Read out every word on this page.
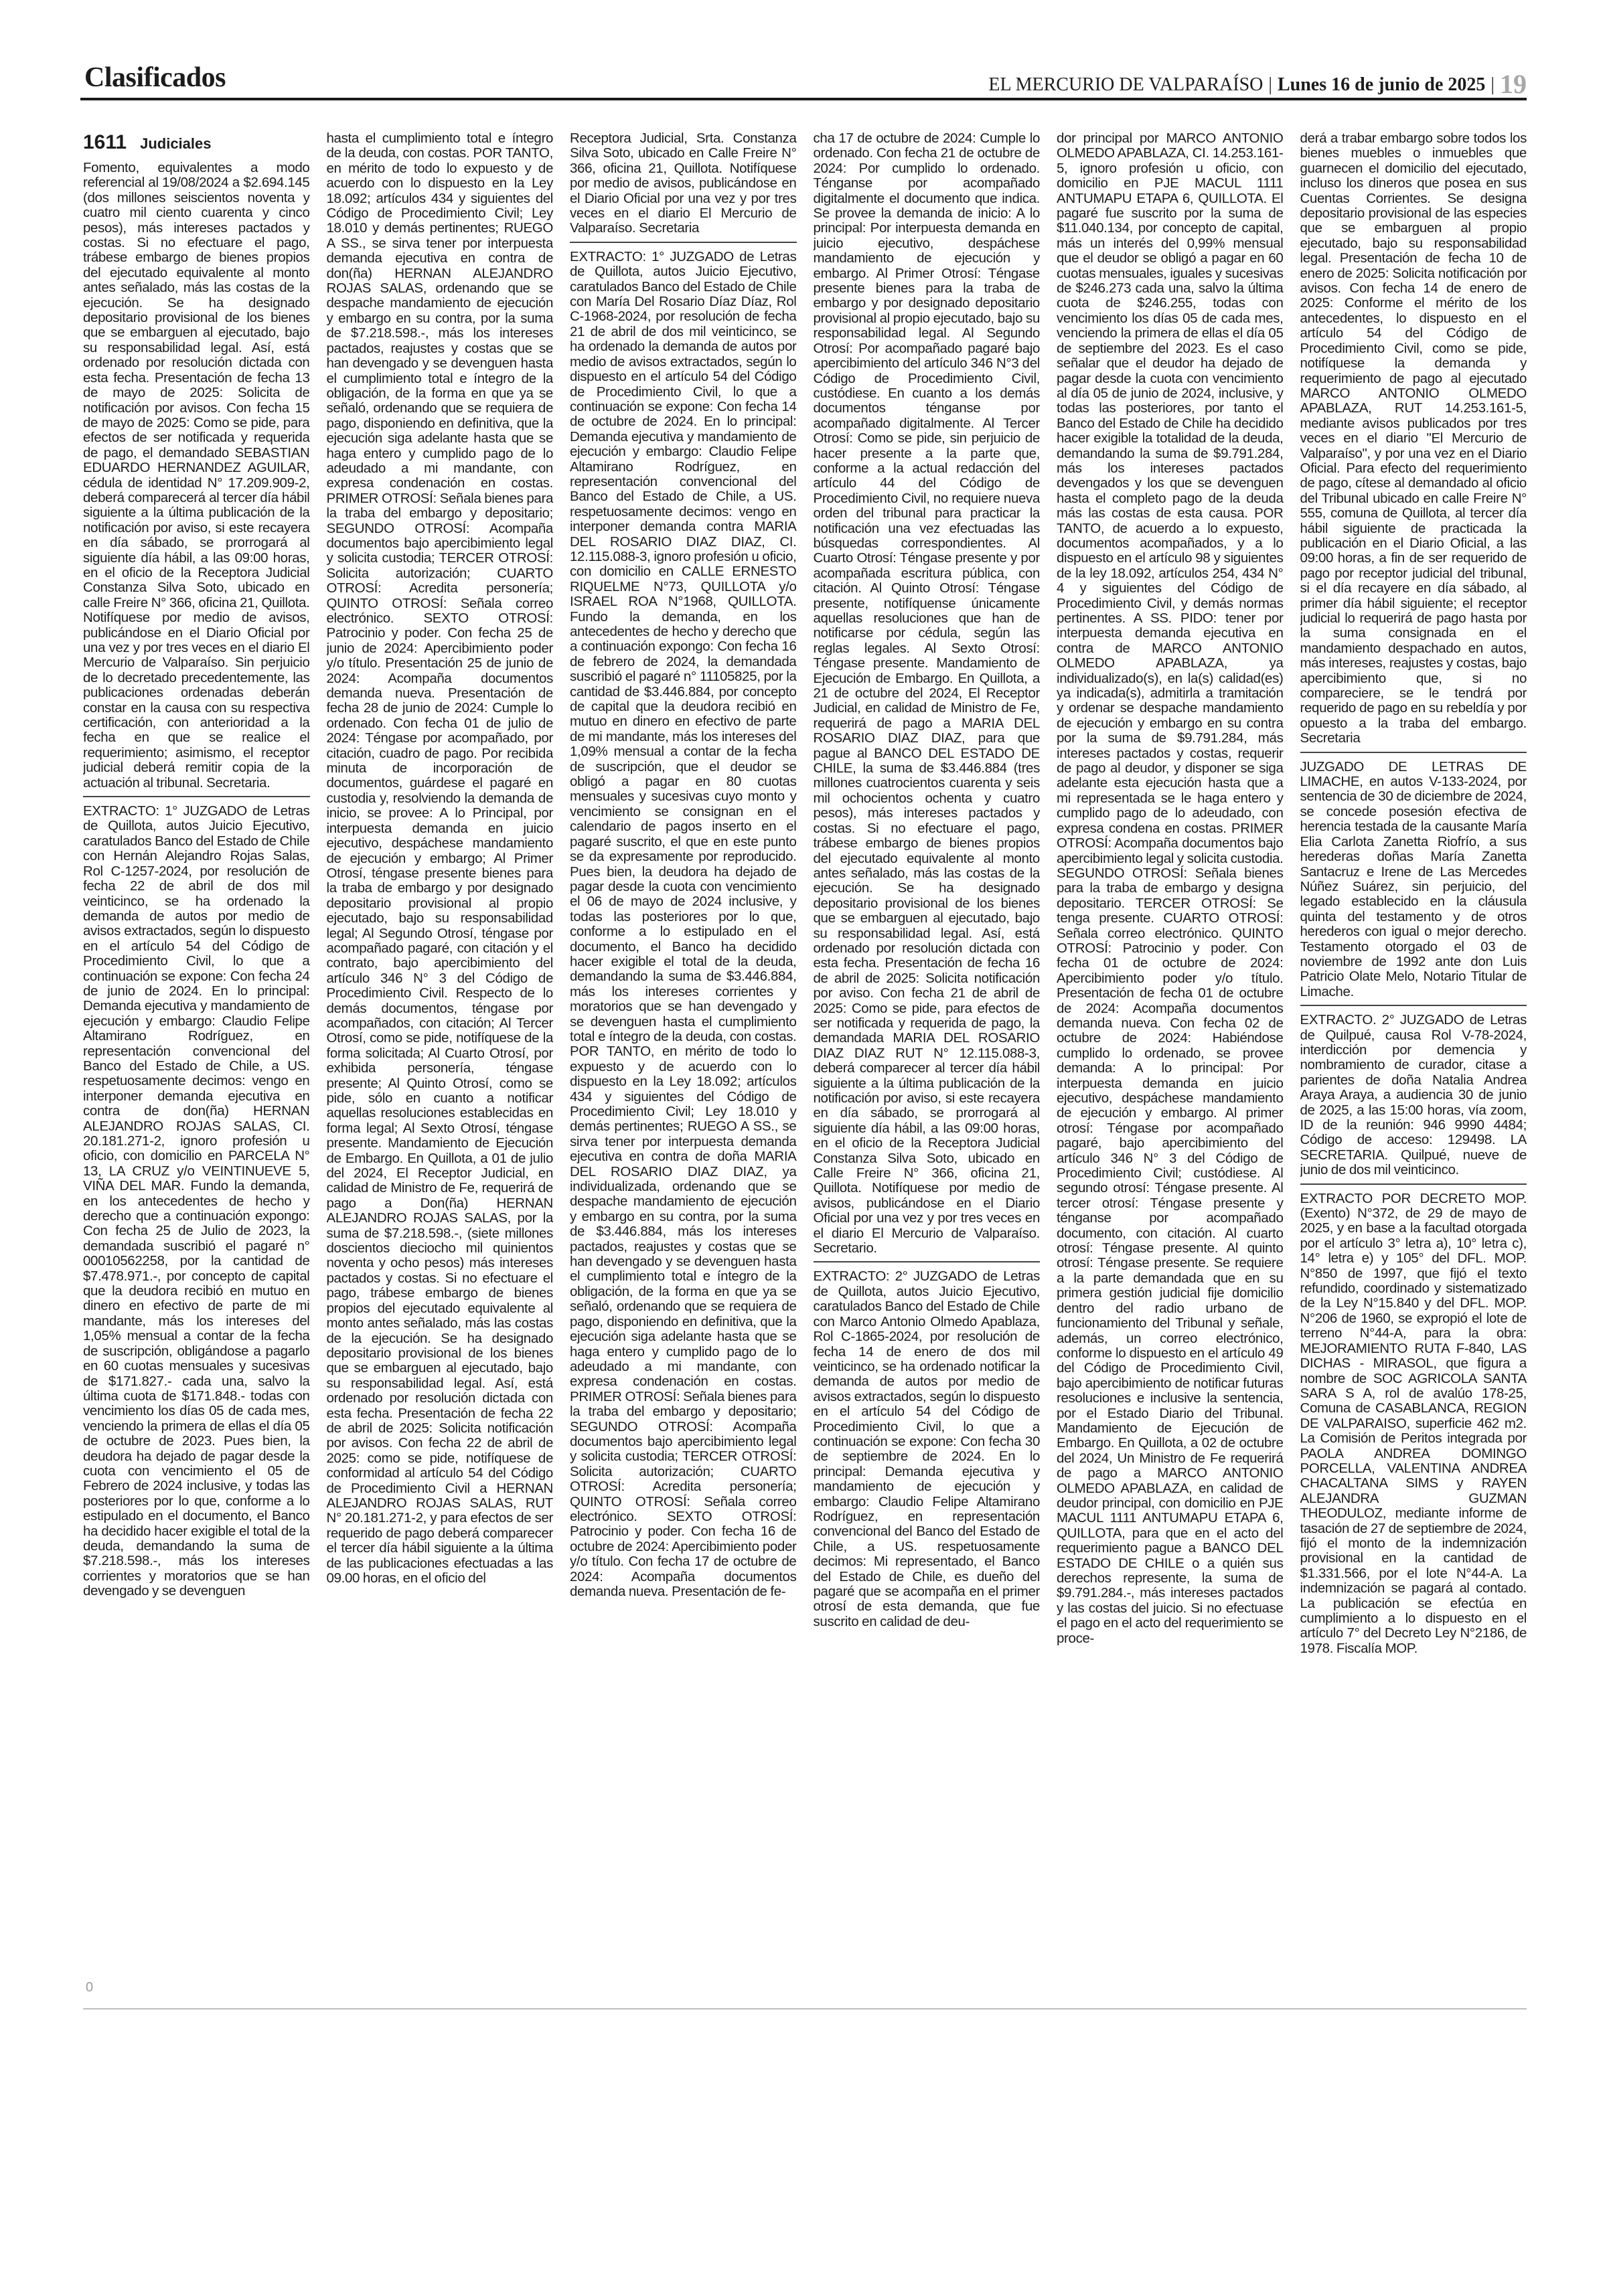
Clasificados	EL MERCURIO DE VALPARAÍSO | Lunes 16 de junio de 2025 | 19
1611 Judiciales

Fomento, equivalentes a modo referencial al 19/08/2024 a $2.694.145 (dos millones seiscientos noventa y cuatro mil ciento cuarenta y cinco pesos), más intereses pactados y costas. Si no efectuare el pago, trábese embargo de bienes propios del ejecutado equivalente al monto antes señalado, más las costas de la ejecución. Se ha designado depositario provisional de los bienes que se embarguen al ejecutado, bajo su responsabilidad legal. Así, está ordenado por resolución dictada con esta fecha. Presentación de fecha 13 de mayo de 2025: Solicita de notificación por avisos. Con fecha 15 de mayo de 2025: Como se pide, para efectos de ser notificada y requerida de pago, el demandado SEBASTIAN EDUARDO HERNANDEZ AGUILAR, cédula de identidad N° 17.209.909-2, deberá comparecerá al tercer día hábil siguiente a la última publicación de la notificación por aviso, si este recayera en día sábado, se prorrogará al siguiente día hábil, a las 09:00 horas, en el oficio de la Receptora Judicial Constanza Silva Soto, ubicado en calle Freire N° 366, oficina 21, Quillota. Notifíquese por medio de avisos, publicándose en el Diario Oficial por una vez y por tres veces en el diario El Mercurio de Valparaíso. Sin perjuicio de lo decretado precedentemente, las publicaciones ordenadas deberán constar en la causa con su respectiva certificación, con anterioridad a la fecha en que se realice el requerimiento; asimismo, el receptor judicial deberá remitir copia de la actuación al tribunal. Secretaria.

EXTRACTO: 1° JUZGADO de Letras de Quillota, autos Juicio Ejecutivo, caratulados Banco del Estado de Chile con Hernán Alejandro Rojas Salas, Rol C-1257-2024, por resolución de fecha 22 de abril de dos mil veinticinco, se ha ordenado la demanda de autos por medio de avisos extractados, según lo dispuesto en el artículo 54 del Código de Procedimiento Civil, lo que a continuación se expone: Con fecha 24 de junio de 2024. En lo principal: Demanda ejecutiva y mandamiento de ejecución y embargo: Claudio Felipe Altamirano Rodríguez, en representación convencional del Banco del Estado de Chile, a US. respetuosamente decimos: vengo en interponer demanda ejecutiva en contra de don(ña) HERNAN ALEJANDRO ROJAS SALAS, CI. 20.181.271-2, ignoro profesión u oficio, con domicilio en PARCELA N° 13, LA CRUZ y/o VEINTINUEVE 5, VIÑA DEL MAR. Fundo la demanda, en los antecedentes de hecho y derecho que a continuación expongo: Con fecha 25 de Julio de 2023, la demandada suscribió el pagaré n° 00010562258, por la cantidad de $7.478.971.-, por concepto de capital que la deudora recibió en mutuo en dinero en efectivo de parte de mi mandante, más los intereses del 1,05% mensual a contar de la fecha de suscripción, obligándose a pagarlo en 60 cuotas mensuales y sucesivas de $171.827.- cada una, salvo la última cuota de $171.848.- todas con vencimiento los días 05 de cada mes, venciendo la primera de ellas el día 05 de octubre de 2023. Pues bien, la deudora ha dejado de pagar desde la cuota con vencimiento el 05 de Febrero de 2024 inclusive, y todas las posteriores por lo que, conforme a lo estipulado en el documento, el Banco ha decidido hacer exigible el total de la deuda, demandando la suma de $7.218.598.-, más los intereses corrientes y moratorios que se han devengado y se devenguen

hasta el cumplimiento total e íntegro de la deuda, con costas. POR TANTO, en mérito de todo lo expuesto y de acuerdo con lo dispuesto en la Ley 18.092; artículos 434 y siguientes del Código de Procedimiento Civil; Ley 18.010 y demás pertinentes; RUEGO A SS., se sirva tener por interpuesta demanda ejecutiva en contra de don(ña) HERNAN ALEJANDRO ROJAS SALAS, ordenando que se despache mandamiento de ejecución y embargo en su contra, por la suma de $7.218.598.-, más los intereses pactados, reajustes y costas que se han devengado y se devenguen hasta el cumplimiento total e íntegro de la obligación, de la forma en que ya se señaló, ordenando que se requiera de pago, disponiendo en definitiva, que la ejecución siga adelante hasta que se haga entero y cumplido pago de lo adeudado a mi mandante, con expresa condenación en costas. PRIMER OTROSÍ: Señala bienes para la traba del embargo y depositario; SEGUNDO OTROSÍ: Acompaña documentos bajo apercibimiento legal y solicita custodia; TERCER OTROSÍ: Solicita autorización; CUARTO OTROSÍ: Acredita personería; QUINTO OTROSÍ: Señala correo electrónico. SEXTO OTROSÍ: Patrocinio y poder. Con fecha 25 de junio de 2024: Apercibimiento poder y/o título. Presentación 25 de junio de 2024: Acompaña documentos demanda nueva. Presentación de fecha 28 de junio de 2024: Cumple lo ordenado. Con fecha 01 de julio de 2024: Téngase por acompañado, por citación, cuadro de pago. Por recibida minuta de incorporación de documentos, guárdese el pagaré en custodia y, resolviendo la demanda de inicio, se provee: A lo Principal, por interpuesta demanda en juicio ejecutivo, despáchese mandamiento de ejecución y embargo; Al Primer Otrosí, téngase presente bienes para la traba de embargo y por designado depositario provisional al propio ejecutado, bajo su responsabilidad legal; Al Segundo Otrosí, téngase por acompañado pagaré, con citación y el contrato, bajo apercibimiento del artículo 346 N° 3 del Código de Procedimiento Civil. Respecto de lo demás documentos, téngase por acompañados, con citación; Al Tercer Otrosí, como se pide, notifíquese de la forma solicitada; Al Cuarto Otrosí, por exhibida personería, téngase presente; Al Quinto Otrosí, como se pide, sólo en cuanto a notificar aquellas resoluciones establecidas en forma legal; Al Sexto Otrosí, téngase presente. Mandamiento de Ejecución de Embargo. En Quillota, a 01 de julio del 2024, El Receptor Judicial, en calidad de Ministro de Fe, requerirá de pago a Don(ña) HERNAN ALEJANDRO ROJAS SALAS, por la suma de $7.218.598.-, (siete millones doscientos dieciocho mil quinientos noventa y ocho pesos) más intereses pactados y costas. Si no efectuare el pago, trábese embargo de bienes propios del ejecutado equivalente al monto antes señalado, más las costas de la ejecución. Se ha designado depositario provisional de los bienes que se embarguen al ejecutado, bajo su responsabilidad legal. Así, está ordenado por resolución dictada con esta fecha. Presentación de fecha 22 de abril de 2025: Solicita notificación por avisos. Con fecha 22 de abril de 2025: como se pide, notifíquese de conformidad al artículo 54 del Código de Procedimiento Civil a HERNAN ALEJANDRO ROJAS SALAS, RUT N° 20.181.271-2, y para efectos de ser requerido de pago deberá comparecer el tercer día hábil siguiente a la última de las publicaciones efectuadas a las 09.00 horas, en el oficio del

Receptora Judicial, Srta. Constanza Silva Soto, ubicado en Calle Freire N° 366, oficina 21, Quillota. Notifíquese por medio de avisos, publicándose en el Diario Oficial por una vez y por tres veces en el diario El Mercurio de Valparaíso. Secretaria

EXTRACTO: 1° JUZGADO de Letras de Quillota, autos Juicio Ejecutivo, caratulados Banco del Estado de Chile con María Del Rosario Díaz Díaz, Rol C-1968-2024, por resolución de fecha 21 de abril de dos mil veinticinco, se ha ordenado la demanda de autos por medio de avisos extractados, según lo dispuesto en el artículo 54 del Código de Procedimiento Civil, lo que a continuación se expone: Con fecha 14 de octubre de 2024. En lo principal: Demanda ejecutiva y mandamiento de ejecución y embargo: Claudio Felipe Altamirano Rodríguez, en representación convencional del Banco del Estado de Chile, a US. respetuosamente decimos: vengo en interponer demanda contra MARIA DEL ROSARIO DIAZ DIAZ, CI. 12.115.088-3, ignoro profesión u oficio, con domicilio en CALLE ERNESTO RIQUELME N°73, QUILLOTA y/o ISRAEL ROA N°1968, QUILLOTA. Fundo la demanda, en los antecedentes de hecho y derecho que a continuación expongo: Con fecha 16 de febrero de 2024, la demandada suscribió el pagaré n° 11105825, por la cantidad de $3.446.884, por concepto de capital que la deudora recibió en mutuo en dinero en efectivo de parte de mi mandante, más los intereses del 1,09% mensual a contar de la fecha de suscripción, que el deudor se obligó a pagar en 80 cuotas mensuales y sucesivas cuyo monto y vencimiento se consignan en el calendario de pagos inserto en el pagaré suscrito, el que en este punto se da expresamente por reproducido. Pues bien, la deudora ha dejado de pagar desde la cuota con vencimiento el 06 de mayo de 2024 inclusive, y todas las posteriores por lo que, conforme a lo estipulado en el documento, el Banco ha decidido hacer exigible el total de la deuda, demandando la suma de $3.446.884, más los intereses corrientes y moratorios que se han devengado y se devenguen hasta el cumplimiento total e íntegro de la deuda, con costas. POR TANTO, en mérito de todo lo expuesto y de acuerdo con lo dispuesto en la Ley 18.092; artículos 434 y siguientes del Código de Procedimiento Civil; Ley 18.010 y demás pertinentes; RUEGO A SS., se sirva tener por interpuesta demanda ejecutiva en contra de doña MARIA DEL ROSARIO DIAZ DIAZ, ya individualizada, ordenando que se despache mandamiento de ejecución y embargo en su contra, por la suma de $3.446.884, más los intereses pactados, reajustes y costas que se han devengado y se devenguen hasta el cumplimiento total e íntegro de la obligación, de la forma en que ya se señaló, ordenando que se requiera de pago, disponiendo en definitiva, que la ejecución siga adelante hasta que se haga entero y cumplido pago de lo adeudado a mi mandante, con expresa condenación en costas. PRIMER OTROSÍ: Señala bienes para la traba del embargo y depositario; SEGUNDO OTROSÍ: Acompaña documentos bajo apercibimiento legal y solicita custodia; TERCER OTROSÍ: Solicita autorización; CUARTO OTROSÍ: Acredita personería; QUINTO OTROSÍ: Señala correo electrónico. SEXTO OTROSÍ: Patrocinio y poder. Con fecha 16 de octubre de 2024: Apercibimiento poder y/o título. Con fecha 17 de octubre de 2024: Acompaña documentos demanda nueva. Presentación de fe-

cha 17 de octubre de 2024: Cumple lo ordenado. Con fecha 21 de octubre de 2024: Por cumplido lo ordenado. Ténganse por acompañado digitalmente el documento que indica. Se provee la demanda de inicio: A lo principal: Por interpuesta demanda en juicio ejecutivo, despáchese mandamiento de ejecución y embargo. Al Primer Otrosí: Téngase presente bienes para la traba de embargo y por designado depositario provisional al propio ejecutado, bajo su responsabilidad legal. Al Segundo Otrosí: Por acompañado pagaré bajo apercibimiento del artículo 346 N°3 del Código de Procedimiento Civil, custódiese. En cuanto a los demás documentos ténganse por acompañado digitalmente. Al Tercer Otrosí: Como se pide, sin perjuicio de hacer presente a la parte que, conforme a la actual redacción del artículo 44 del Código de Procedimiento Civil, no requiere nueva orden del tribunal para practicar la notificación una vez efectuadas las búsquedas correspondientes. Al Cuarto Otrosí: Téngase presente y por acompañada escritura pública, con citación. Al Quinto Otrosí: Téngase presente, notifíquense únicamente aquellas resoluciones que han de notificarse por cédula, según las reglas legales. Al Sexto Otrosí: Téngase presente. Mandamiento de Ejecución de Embargo. En Quillota, a 21 de octubre del 2024, El Receptor Judicial, en calidad de Ministro de Fe, requerirá de pago a MARIA DEL ROSARIO DIAZ DIAZ, para que pague al BANCO DEL ESTADO DE CHILE, la suma de $3.446.884 (tres millones cuatrocientos cuarenta y seis mil ochocientos ochenta y cuatro pesos), más intereses pactados y costas. Si no efectuare el pago, trábese embargo de bienes propios del ejecutado equivalente al monto antes señalado, más las costas de la ejecución. Se ha designado depositario provisional de los bienes que se embarguen al ejecutado, bajo su responsabilidad legal. Así, está ordenado por resolución dictada con esta fecha. Presentación de fecha 16 de abril de 2025: Solicita notificación por aviso. Con fecha 21 de abril de 2025: Como se pide, para efectos de ser notificada y requerida de pago, la demandada MARIA DEL ROSARIO DIAZ DIAZ RUT N° 12.115.088-3, deberá comparecer al tercer día hábil siguiente a la última publicación de la notificación por aviso, si este recayera en día sábado, se prorrogará al siguiente día hábil, a las 09:00 horas, en el oficio de la Receptora Judicial Constanza Silva Soto, ubicado en Calle Freire N° 366, oficina 21, Quillota. Notifíquese por medio de avisos, publicándose en el Diario Oficial por una vez y por tres veces en el diario El Mercurio de Valparaíso. Secretario.

EXTRACTO: 2° JUZGADO de Letras de Quillota, autos Juicio Ejecutivo, caratulados Banco del Estado de Chile con Marco Antonio Olmedo Apablaza, Rol C-1865-2024, por resolución de fecha 14 de enero de dos mil veinticinco, se ha ordenado notificar la demanda de autos por medio de avisos extractados, según lo dispuesto en el artículo 54 del Código de Procedimiento Civil, lo que a continuación se expone: Con fecha 30 de septiembre de 2024. En lo principal: Demanda ejecutiva y mandamiento de ejecución y embargo: Claudio Felipe Altamirano Rodríguez, en representación convencional del Banco del Estado de Chile, a US. respetuosamente decimos: Mi representado, el Banco del Estado de Chile, es dueño del pagaré que se acompaña en el primer otrosí de esta demanda, que fue suscrito en calidad de deu-

dor principal por MARCO ANTONIO OLMEDO APABLAZA, CI. 14.253.161-5, ignoro profesión u oficio, con domicilio en PJE MACUL 1111 ANTUMAPU ETAPA 6, QUILLOTA. El pagaré fue suscrito por la suma de $11.040.134, por concepto de capital, más un interés del 0,99% mensual que el deudor se obligó a pagar en 60 cuotas mensuales, iguales y sucesivas de $246.273 cada una, salvo la última cuota de $246.255, todas con vencimiento los días 05 de cada mes, venciendo la primera de ellas el día 05 de septiembre del 2023. Es el caso señalar que el deudor ha dejado de pagar desde la cuota con vencimiento al día 05 de junio de 2024, inclusive, y todas las posteriores, por tanto el Banco del Estado de Chile ha decidido hacer exigible la totalidad de la deuda, demandando la suma de $9.791.284, más los intereses pactados devengados y los que se devenguen hasta el completo pago de la deuda más las costas de esta causa. POR TANTO, de acuerdo a lo expuesto, documentos acompañados, y a lo dispuesto en el artículo 98 y siguientes de la ley 18.092, artículos 254, 434 N° 4 y siguientes del Código de Procedimiento Civil, y demás normas pertinentes. A SS. PIDO: tener por interpuesta demanda ejecutiva en contra de MARCO ANTONIO OLMEDO APABLAZA, ya individualizado(s), en la(s) calidad(es) ya indicada(s), admitirla a tramitación y ordenar se despache mandamiento de ejecución y embargo en su contra por la suma de $9.791.284, más intereses pactados y costas, requerir de pago al deudor, y disponer se siga adelante esta ejecución hasta que a mi representada se le haga entero y cumplido pago de lo adeudado, con expresa condena en costas. PRIMER OTROSÍ: Acompaña documentos bajo apercibimiento legal y solicita custodia. SEGUNDO OTROSÍ: Señala bienes para la traba de embargo y designa depositario. TERCER OTROSÍ: Se tenga presente. CUARTO OTROSÍ: Señala correo electrónico. QUINTO OTROSÍ: Patrocinio y poder. Con fecha 01 de octubre de 2024: Apercibimiento poder y/o título. Presentación de fecha 01 de octubre de 2024: Acompaña documentos demanda nueva. Con fecha 02 de octubre de 2024: Habiéndose cumplido lo ordenado, se provee demanda: A lo principal: Por interpuesta demanda en juicio ejecutivo, despáchese mandamiento de ejecución y embargo. Al primer otrosí: Téngase por acompañado pagaré, bajo apercibimiento del artículo 346 N° 3 del Código de Procedimiento Civil; custódiese. Al segundo otrosí: Téngase presente. Al tercer otrosí: Téngase presente y ténganse por acompañado documento, con citación. Al cuarto otrosí: Téngase presente. Al quinto otrosí: Téngase presente. Se requiere a la parte demandada que en su primera gestión judicial fije domicilio dentro del radio urbano de funcionamiento del Tribunal y señale, además, un correo electrónico, conforme lo dispuesto en el artículo 49 del Código de Procedimiento Civil, bajo apercibimiento de notificar futuras resoluciones e inclusive la sentencia, por el Estado Diario del Tribunal. Mandamiento de Ejecución de Embargo. En Quillota, a 02 de octubre del 2024, Un Ministro de Fe requerirá de pago a MARCO ANTONIO OLMEDO APABLAZA, en calidad de deudor principal, con domicilio en PJE MACUL 1111 ANTUMAPU ETAPA 6, QUILLOTA, para que en el acto del requerimiento pague a BANCO DEL ESTADO DE CHILE o a quién sus derechos represente, la suma de $9.791.284.-, más intereses pactados y las costas del juicio. Si no efectuase el pago en el acto del requerimiento se proce-

derá a trabar embargo sobre todos los bienes muebles o inmuebles que guarnecen el domicilio del ejecutado, incluso los dineros que posea en sus Cuentas Corrientes. Se designa depositario provisional de las especies que se embarguen al propio ejecutado, bajo su responsabilidad legal. Presentación de fecha 10 de enero de 2025: Solicita notificación por avisos. Con fecha 14 de enero de 2025: Conforme el mérito de los antecedentes, lo dispuesto en el artículo 54 del Código de Procedimiento Civil, como se pide, notifíquese la demanda y requerimiento de pago al ejecutado MARCO ANTONIO OLMEDO APABLAZA, RUT 14.253.161-5, mediante avisos publicados por tres veces en el diario "El Mercurio de Valparaíso", y por una vez en el Diario Oficial. Para efecto del requerimiento de pago, cítese al demandado al oficio del Tribunal ubicado en calle Freire N° 555, comuna de Quillota, al tercer día hábil siguiente de practicada la publicación en el Diario Oficial, a las 09:00 horas, a fin de ser requerido de pago por receptor judicial del tribunal, si el día recayere en día sábado, al primer día hábil siguiente; el receptor judicial lo requerirá de pago hasta por la suma consignada en el mandamiento despachado en autos, más intereses, reajustes y costas, bajo apercibimiento que, si no compareciere, se le tendrá por requerido de pago en su rebeldía y por opuesto a la traba del embargo. Secretaria

JUZGADO DE LETRAS DE LIMACHE, en autos V-133-2024, por sentencia de 30 de diciembre de 2024, se concede posesión efectiva de herencia testada de la causante María Elia Carlota Zanetta Riofrío, a sus herederas doñas María Zanetta Santacruz e Irene de Las Mercedes Núñez Suárez, sin perjuicio, del legado establecido en la cláusula quinta del testamento y de otros herederos con igual o mejor derecho. Testamento otorgado el 03 de noviembre de 1992 ante don Luis Patricio Olate Melo, Notario Titular de Limache.

EXTRACTO. 2° JUZGADO de Letras de Quilpué, causa Rol V-78-2024, interdicción por demencia y nombramiento de curador, citase a parientes de doña Natalia Andrea Araya Araya, a audiencia 30 de junio de 2025, a las 15:00 horas, vía zoom, ID de la reunión: 946 9990 4484; Código de acceso: 129498. LA SECRETARIA. Quilpué, nueve de junio de dos mil veinticinco.

EXTRACTO POR DECRETO MOP. (Exento) N°372, de 29 de mayo de 2025, y en base a la facultad otorgada por el artículo 3° letra a), 10° letra c), 14° letra e) y 105° del DFL. MOP. N°850 de 1997, que fijó el texto refundido, coordinado y sistematizado de la Ley N°15.840 y del DFL. MOP. N°206 de 1960, se expropió el lote de terreno N°44-A, para la obra: MEJORAMIENTO RUTA F-840, LAS DICHAS - MIRASOL, que figura a nombre de SOC AGRICOLA SANTA SARA S A, rol de avalúo 178-25, Comuna de CASABLANCA, REGION DE VALPARAISO, superficie 462 m2. La Comisión de Peritos integrada por PAOLA ANDREA DOMINGO PORCELLA, VALENTINA ANDREA CHACALTANA SIMS y RAYEN ALEJANDRA GUZMAN THEODULOZ, mediante informe de tasación de 27 de septiembre de 2024, fijó el monto de la indemnización provisional en la cantidad de $1.331.566, por el lote N°44-A. La indemnización se pagará al contado. La publicación se efectúa en cumplimiento a lo dispuesto en el artículo 7° del Decreto Ley N°2186, de 1978. Fiscalía MOP.

0
